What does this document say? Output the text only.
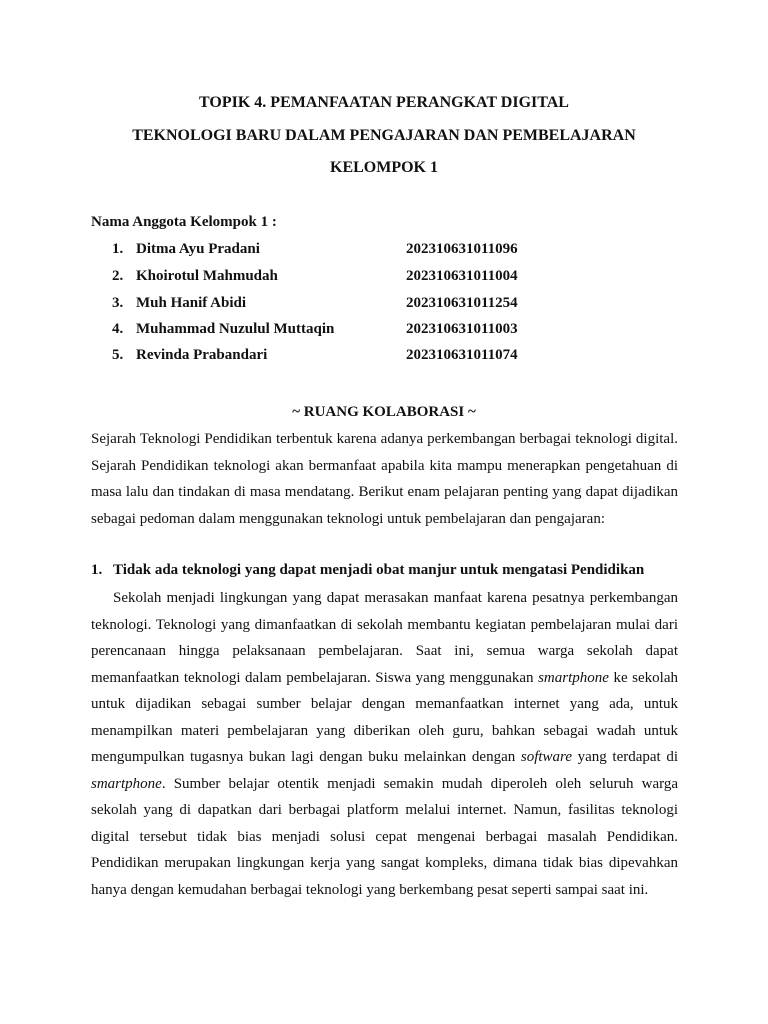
TOPIK 4. PEMANFAATAN PERANGKAT DIGITAL
TEKNOLOGI BARU DALAM PENGAJARAN DAN PEMBELAJARAN
KELOMPOK 1
Nama Anggota Kelompok 1 :
1. Ditma Ayu Pradani	202310631011096
2. Khoirotul Mahmudah	202310631011004
3. Muh Hanif Abidi	202310631011254
4. Muhammad Nuzulul Muttaqin	202310631011003
5. Revinda Prabandari	202310631011074
~ RUANG KOLABORASI ~
Sejarah Teknologi Pendidikan terbentuk karena adanya perkembangan berbagai teknologi digital. Sejarah Pendidikan teknologi akan bermanfaat apabila kita mampu menerapkan pengetahuan di masa lalu dan tindakan di masa mendatang. Berikut enam pelajaran penting yang dapat dijadikan sebagai pedoman dalam menggunakan teknologi untuk pembelajaran dan pengajaran:
1. Tidak ada teknologi yang dapat menjadi obat manjur untuk mengatasi Pendidikan
Sekolah menjadi lingkungan yang dapat merasakan manfaat karena pesatnya perkembangan teknologi. Teknologi yang dimanfaatkan di sekolah membantu kegiatan pembelajaran mulai dari perencanaan hingga pelaksanaan pembelajaran. Saat ini, semua warga sekolah dapat memanfaatkan teknologi dalam pembelajaran. Siswa yang menggunakan smartphone ke sekolah untuk dijadikan sebagai sumber belajar dengan memanfaatkan internet yang ada, untuk menampilkan materi pembelajaran yang diberikan oleh guru, bahkan sebagai wadah untuk mengumpulkan tugasnya bukan lagi dengan buku melainkan dengan software yang terdapat di smartphone. Sumber belajar otentik menjadi semakin mudah diperoleh oleh seluruh warga sekolah yang di dapatkan dari berbagai platform melalui internet. Namun, fasilitas teknologi digital tersebut tidak bias menjadi solusi cepat mengenai berbagai masalah Pendidikan. Pendidikan merupakan lingkungan kerja yang sangat kompleks, dimana tidak bias dipevahkan hanya dengan kemudahan berbagai teknologi yang berkembang pesat seperti sampai saat ini.
